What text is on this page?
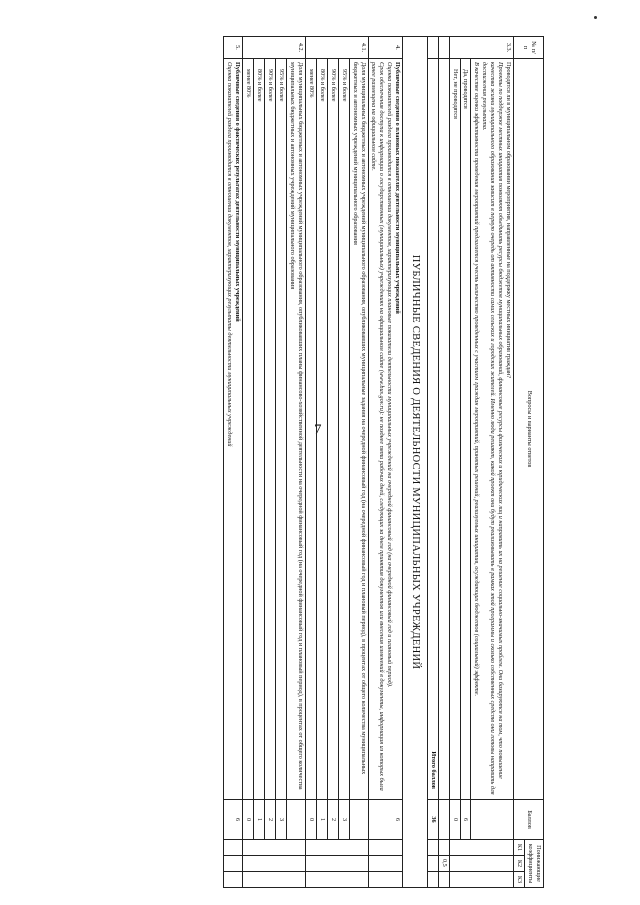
7
№ п/п	Вопросы и варианты ответов	Баллов	Понижающие коэффициенты		
			К1	К2	К3
3.3.	Проводятся ли в муниципальном образовании мероприятия, направленные на поддержку местных инициатив граждан?
Проекты по поддержке местных инициатив позволяют объединить ресурсы бюджетов муниципальных образований, финансовые ресурсы физических и юридических лиц и направить их на решение социально-значимых проблем. Они базируются на том, что повышение качества жизни муниципального образования зависит в первую очередь от активности самих сельских и городских жителей. Именно люди решают, какой проект они будут реализовывать в рамках этой программы и сколько собственных средств они готовы направить для достижения результата.
В качестве оценки эффективности проведения мероприятий предлагается учесть количество проведенных с участием граждан мероприятий, принятых решений, реализуемых инициатив, осуждающих бюджетов (социальный) эффекте.				

	Да, проводятся	6			
	Нет, не проводятся	0			
				0,5	
	Итого баллов	36			
ПУБЛИЧНЫЕ СВЕДЕНИЯ О ДЕЯТЕЛЬНОСТИ МУНИЦИПАЛЬНЫХ УЧРЕЖДЕНИЙ					
4.	Публичные сведения о плановых показателях деятельности муниципальных учреждений
Оценка показателей раздела производится в отношении документов, характеризующих плановые показатели деятельности муниципальных учреждений на очередной финансовый год (на очередной финансовый год и плановый период).
Срок обеспечения доступа к информации о государственных (муниципальных) учреждениях на официальном сайте (www.bus.gov.ru): не позднее пяти рабочих дней, следующих за днем принятия документов или внесения изменений в документы, информация из которых была ранее размещена на официальном сайте.	6			
4.1.	Доля муниципальных бюджетных и автономных учреждений муниципального образования, опубликовавших муниципальные задания на очередной финансовый год (на очередной финансовый год и плановый период), в процентах от общего количества муниципальных бюджетных и автономных учреждений муниципального образования				
	95% и более	3			
	90% и более	2			
	80% и более	1			
	менее 80%	0			
4.2.	Доля муниципальных бюджетных и автономных учреждений муниципального образования, опубликовавших планы финансово-хозяйственной деятельности на очередной финансовый год (на очередной финансовый год и плановый период), в процентах от общего количества муниципальных бюджетных и автономных учреждений муниципального образования				
	95% и более	3			
	90% и более	2			
	80% и более	1			
	менее 80%	0			
5.	Публичные сведения о фактических результатах деятельности муниципальных учреждений
Оценка показателей раздела производится в отношении документов, характеризующих результаты деятельности муниципальных учреждений	6			
